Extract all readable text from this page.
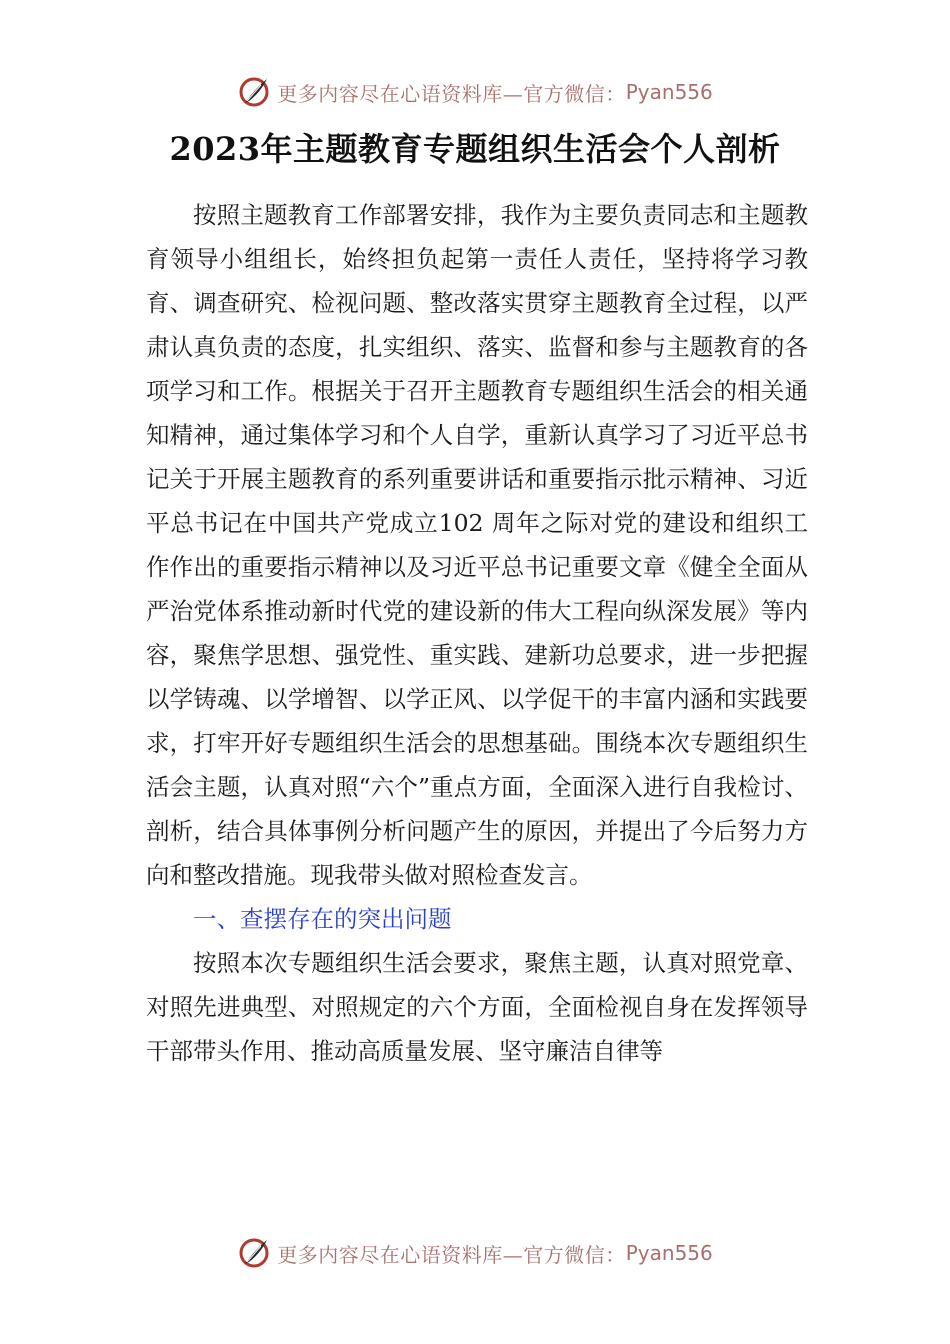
更多内容尽在心语资料库—官方微信： Pyan556
2023年主题教育专题组织生活会个人剖析

按照主题教育工作部署安排，我作为主要负责同志和主题教育领导小组组长，始终担负起第一责任人责任，坚持将学习教育、调查研究、检视问题、整改落实贯穿主题教育全过程，以严肃认真负责的态度，扎实组织、落实、监督和参与主题教育的各项学习和工作。根据关于召开主题教育专题组织生活会的相关通知精神，通过集体学习和个人自学，重新认真学习了习近平总书记关于开展主题教育的系列重要讲话和重要指示批示精神、习近平总书记在中国共产党成立102 周年之际对党的建设和组织工作作出的重要指示精神以及习近平总书记重要文章《健全全面从严治党体系推动新时代党的建设新的伟大工程向纵深发展》等内容，聚焦学思想、强党性、重实践、建新功总要求，进一步把握以学铸魂、以学增智、以学正风、以学促干的丰富内涵和实践要求，打牢开好专题组织生活会的思想基础。围绕本次专题组织生活会主题，认真对照“六个”重点方面，全面深入进行自我检讨、剖析，结合具体事例分析问题产生的原因，并提出了今后努力方向和整改措施。现我带头做对照检查发言。

一、查摆存在的突出问题

按照本次专题组织生活会要求，聚焦主题，认真对照党章、对照先进典型、对照规定的六个方面，全面检视自身在发挥领导干部带头作用、推动高质量发展、坚守廉洁自律等

更多内容尽在心语资料库—官方微信： Pyan556
